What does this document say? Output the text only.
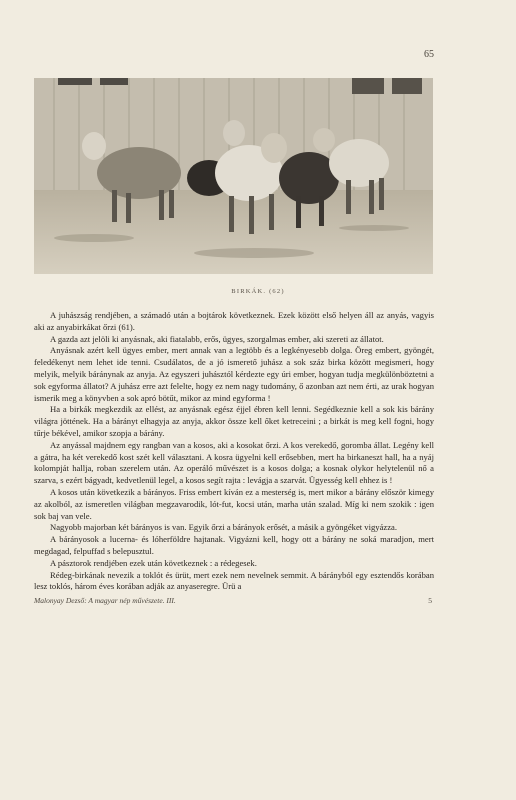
65
BIRKÁK. (62)

A juhászság rendjében, a számadó után a bojtárok következnek. Ezek között első helyen áll az anyás, vagyis aki az anyabirkákat őrzi (61).

A gazda azt jelöli ki anyásnak, aki fiatalabb, erős, ügyes, szorgalmas ember, aki szereti az állatot.

Anyásnak azért kell ügyes ember, mert annak van a legtöbb és a legkényesebb dolga. Öreg embert, gyöngét, feledékenyt nem lehet ide tenni. Csudálatos, de a jó ismerető juhász a sok száz birka között megismeri, hogy melyik, melyik báránynak az anyja. Az egyszeri juhásztól kérdezte egy úri ember, hogyan tudja megkülönböztetni a sok egyforma állatot? A juhász erre azt felelte, hogy ez nem nagy tudomány, ő azonban azt nem érti, az urak hogyan ismerik meg a könyvben a sok apró bötűt, mikor az mind egyforma !

Ha a birkák megkezdik az ellést, az anyásnak egész éjjel ébren kell lenni. Segédkeznie kell a sok kis bárány világra jöttének. Ha a bárányt elhagyja az anyja, akkor össze kell őket ketreceini ; a birkát is meg kell fogni, hogy tűrje békével, amikor szopja a bárány.

Az anyással majdnem egy rangban van a kosos, aki a kosokat őrzi. A kos verekedő, goromba állat. Legény kell a gátra, ha két verekedő kost szét kell választani. A kosra ügyelni kell erősebben, mert ha birkaneszt hall, ha a nyáj kolompját hallja, roban szerelem után. Az operáló művészet is a kosos dolga; a kosnak olykor helytelenül nő a szarva, s ezért bágyadt, kedvetlenül legel, a kosos segít rajta : levágja a szarvát. Ügyesség kell ehhez is !

A kosos után következik a bárányos. Friss embert kíván ez a mesterség is, mert mikor a bárány először kimegy az akolból, az ismeretlen világban megzavarodik, lót-fut, kocsi után, marha után szalad. Míg ki nem szokik : igen sok baj van vele.

Nagyobb majorban két bárányos is van. Egyik őrzi a bárányok erősét, a másik a gyöngéket vigyázza.

A bárányosok a lucerna- és lóherföldre hajtanak. Vigyázni kell, hogy ott a bárány ne soká maradjon, mert megdagad, felpuffad s belepusztul.

A pásztorok rendjében ezek után következnek : a rédegesek.

Rédeg-birkának nevezik a toklót és ürüt, mert ezek nem nevelnek semmit. A bárányból egy esztendős korában lesz toklós, három éves korában adják az anyaseregre. Ürü a

Malonyay Dezső: A magyar nép művészete. III.	5
